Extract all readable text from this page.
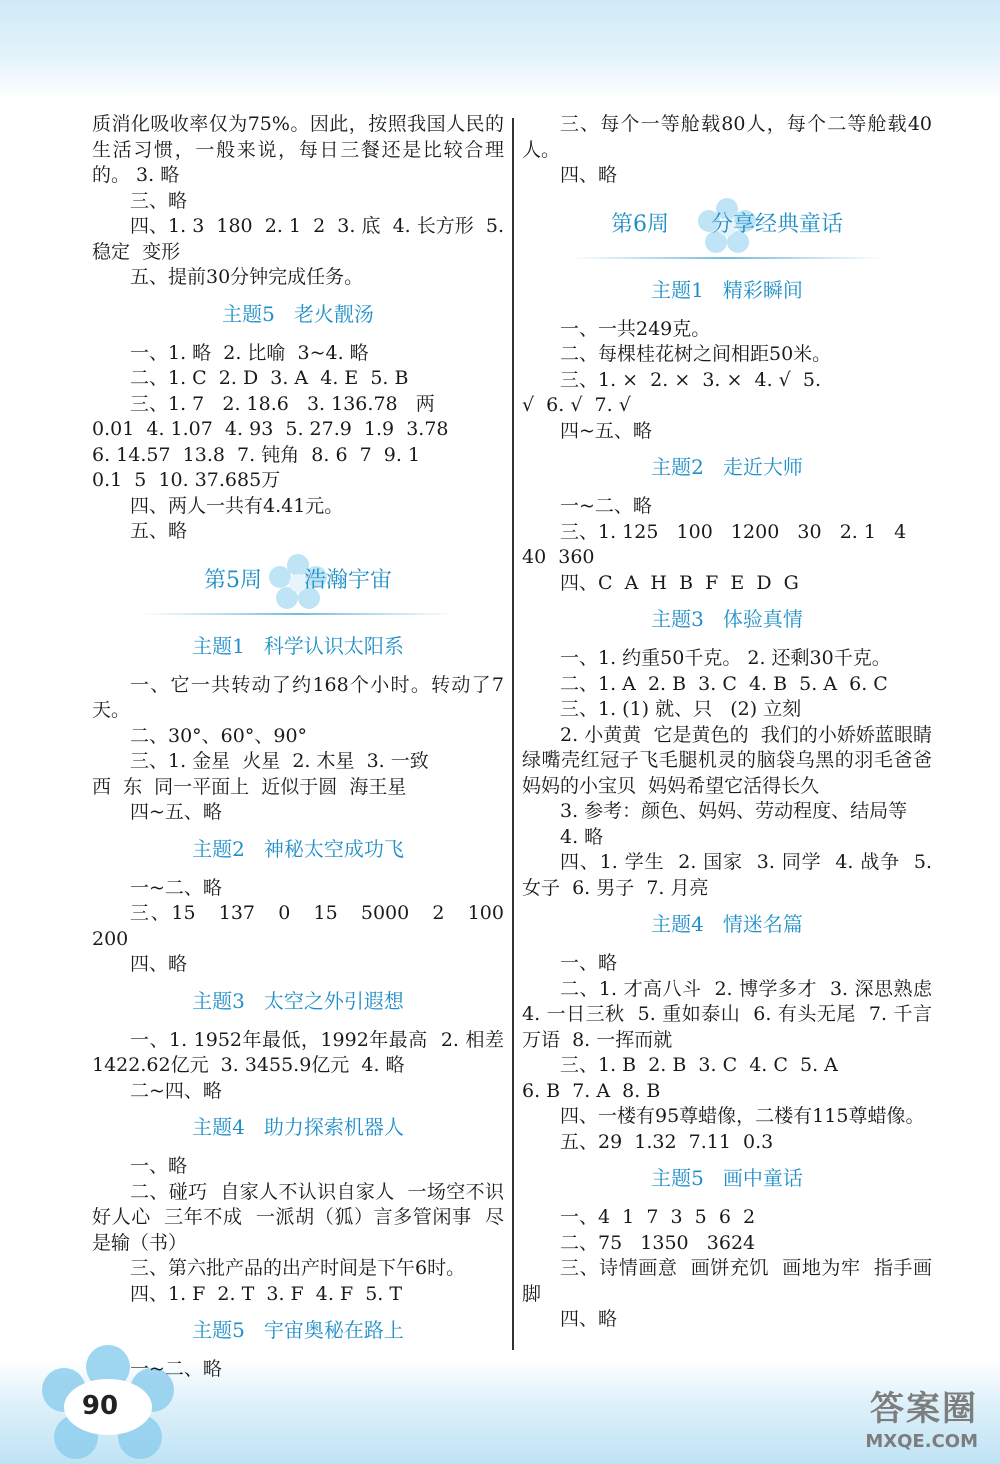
90	答案圈
MXQE.COM

质消化吸收率仅为75%。因此，按照我国人民的生活习惯，一般来说，每日三餐还是比较合理的。 3. 略

三、略

四、1. 3  180  2. 1  2  3. 底  4. 长方形  5. 稳定  变形

五、提前30分钟完成任务。

主题5   老火靓汤

一、1. 略  2. 比喻  3~4. 略

二、1. C  2. D  3. A  4. E  5. B

三、1. 7   2. 18.6   3. 136.78   两

0.01  4. 1.07  4. 93  5. 27.9  1.9  3.78

6. 14.57  13.8  7. 钝角  8. 6  7  9. 1

0.1  5  10. 37.685万

四、两人一共有4.41元。

五、略

第5周      浩瀚宇宙
主题1   科学认识太阳系

一、它一共转动了约168个小时。转动了7天。

二、30°、60°、90°

三、1. 金星  火星  2. 木星  3. 一致

西  东  同一平面上  近似于圆  海王星

四~五、略

主题2   神秘太空成功飞

一~二、略

三、15   137   0   15   5000   2   100   200

四、略

主题3   太空之外引遐想

一、1. 1952年最低，1992年最高  2. 相差1422.62亿元  3. 3455.9亿元  4. 略

二~四、略

主题4   助力探索机器人

一、略

二、碰巧  自家人不认识自家人  一场空不识好人心  三年不成  一派胡（狐）言多管闲事  尽是输（书）

三、第六批产品的出产时间是下午6时。

四、1. F  2. T  3. F  4. F  5. T

主题5   宇宙奥秘在路上

一~二、略

三、每个一等舱载80人，每个二等舱载40人。

四、略

第6周      分享经典童话
主题1   精彩瞬间

一、一共249克。

二、每棵桂花树之间相距50米。

三、1. ×  2. ×  3. ×  4. √  5.

√  6. √  7. √

四~五、略

主题2   走近大师

一~二、略

三、1. 125   100   1200   30   2. 1   4

40  360

四、C  A  H  B  F  E  D  G

主题3   体验真情

一、1. 约重50千克。 2. 还剩30千克。

二、1. A  2. B  3. C  4. B  5. A  6. C

三、1. (1) 就、只   (2) 立刻

2. 小黄黄  它是黄色的  我们的小娇娇蓝眼睛绿嘴壳红冠子飞毛腿机灵的脑袋乌黑的羽毛爸爸妈妈的小宝贝  妈妈希望它活得长久

3. 参考：颜色、妈妈、劳动程度、结局等

4. 略

四、1. 学生  2. 国家  3. 同学  4. 战争  5. 女子  6. 男子  7. 月亮

主题4   情迷名篇

一、略

二、1. 才高八斗  2. 博学多才  3. 深思熟虑  4. 一日三秋  5. 重如泰山  6. 有头无尾  7. 千言万语  8. 一挥而就

三、1. B  2. B  3. C  4. C  5. A

6. B  7. A  8. B

四、一楼有95尊蜡像，二楼有115尊蜡像。

五、29  1.32  7.11  0.3

主题5   画中童话

一、4  1  7  3  5  6  2

二、75   1350   3624

三、诗情画意  画饼充饥  画地为牢  指手画脚

四、略
